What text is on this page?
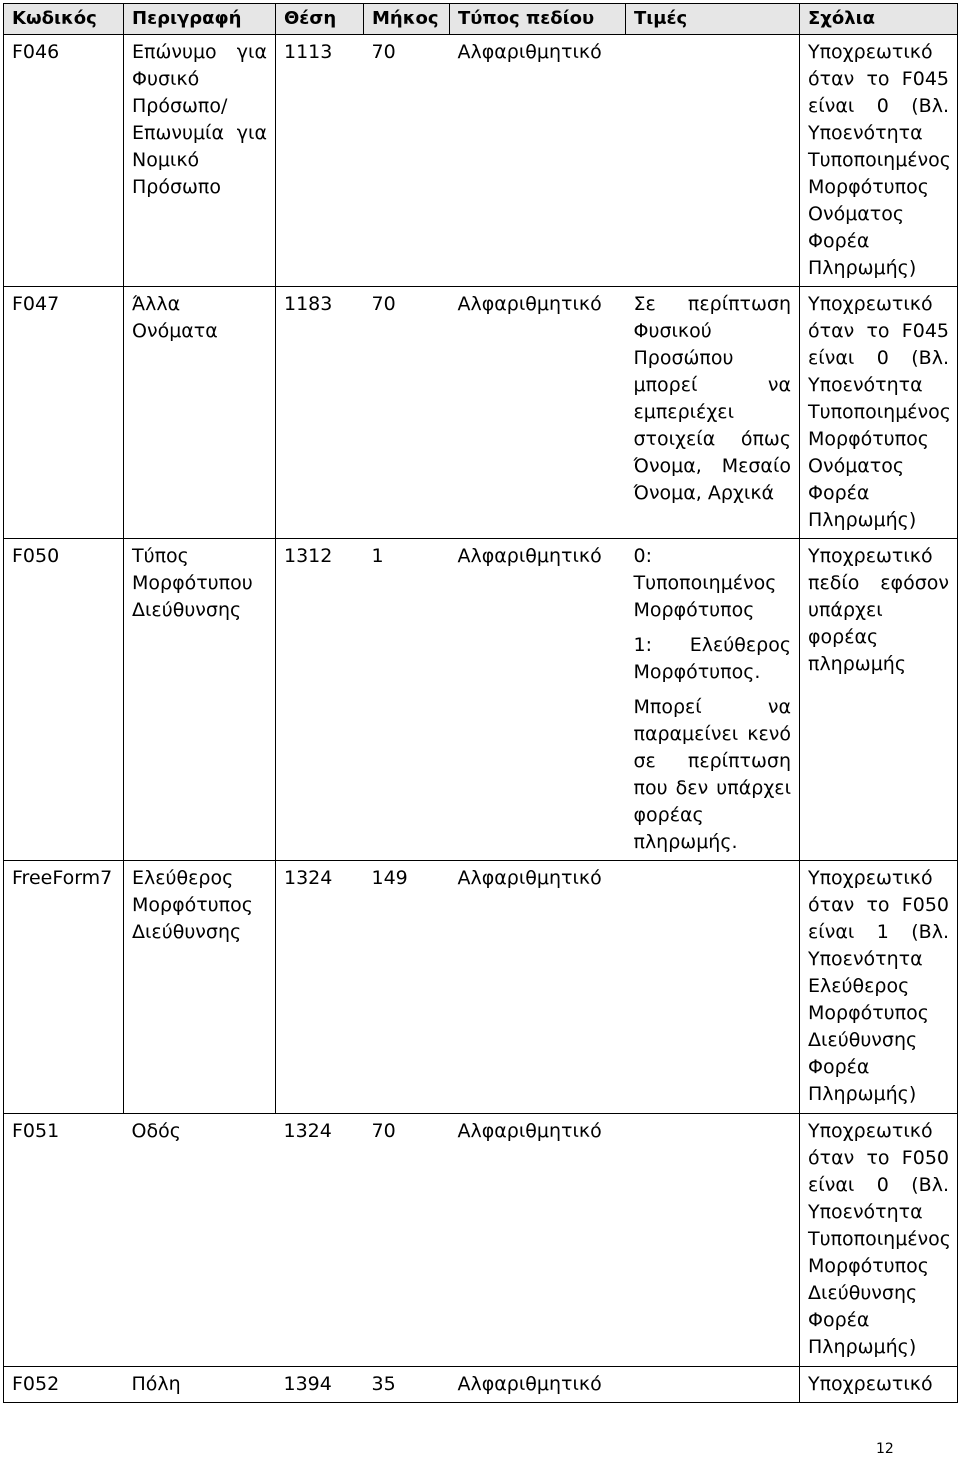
Κωδικός	Περιγραφή	Θέση	Μήκος	Τύπος πεδίου	Τιμές	Σχόλια
F046	Επώνυμο για Φυσικό Πρόσωπο/ Επωνυμία για Νομικό Πρόσωπο	1113	70	Αλφαριθμητικό		Υποχρεωτικό όταν το F045 είναι 0 (Βλ. Υποενότητα Τυποποιημένος Μορφότυπος Ονόματος Φορέα Πληρωμής)
F047	Άλλα Ονόματα	1183	70	Αλφαριθμητικό	Σε περίπτωση Φυσικού Προσώπου μπορεί να εμπεριέχει στοιχεία όπως Όνομα, Μεσαίο Όνομα, Αρχικά	Υποχρεωτικό όταν το F045 είναι 0 (Βλ. Υποενότητα Τυποποιημένος Μορφότυπος Ονόματος Φορέα Πληρωμής)
F050	Τύπος Μορφότυπου Διεύθυνσης	1312	1	Αλφαριθμητικό	0: Τυποποιημένος Μορφότυπος

1: Ελεύθερος Μορφότυπος.

Μπορεί να παραμείνει κενό σε περίπτωση που δεν υπάρχει φορέας πληρωμής.	Υποχρεωτικό πεδίο εφόσον υπάρχει φορέας πληρωμής
FreeForm7	Ελεύθερος Μορφότυπος Διεύθυνσης	1324	149	Αλφαριθμητικό		Υποχρεωτικό όταν το F050 είναι 1 (Βλ. Υποενότητα Ελεύθερος Μορφότυπος Διεύθυνσης Φορέα Πληρωμής)
F051	Οδός	1324	70	Αλφαριθμητικό		Υποχρεωτικό όταν το F050 είναι 0 (Βλ. Υποενότητα Τυποποιημένος Μορφότυπος Διεύθυνσης Φορέα Πληρωμής)
F052	Πόλη	1394	35	Αλφαριθμητικό		Υποχρεωτικό
12
